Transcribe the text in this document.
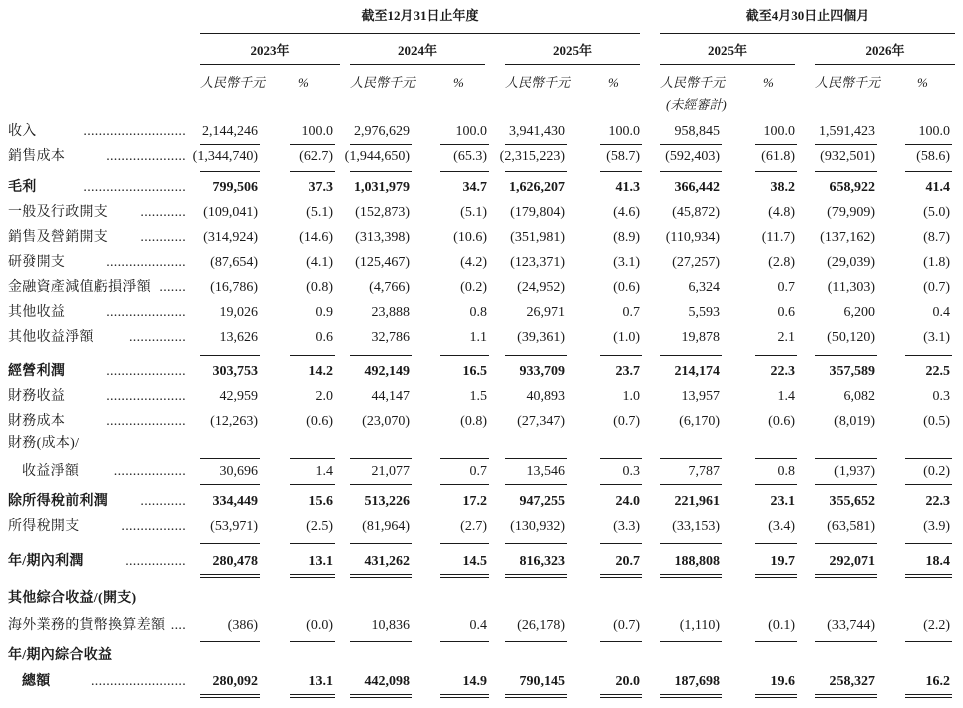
截至12月31日止年度	截至4月30日止四個月
2023年	2024年	2025年	2025年	2026年
人民幣千元	%	人民幣千元	%	人民幣千元	%	人民幣千元	%	人民幣千元	%
(未經審計)
收入	........................... 2,144,246	100.0 2,976,629	100.0 3,941,430	100.0 958,845	100.0 1,591,423	100.0
銷售成本	..................... (1,344,740)	(62.7) (1,944,650)	(65.3) (2,315,223)	(58.7) (592,403)	(61.8) (932,501)	(58.6)
毛利	........................... 799,506	37.3 1,031,979	34.7 1,626,207	41.3 366,442	38.2 658,922	41.4
一般及行政開支 ............ (109,041)	(5.1) (152,873)	(5.1) (179,804)	(4.6) (45,872)	(4.8) (79,909)	(5.0)
銷售及營銷開支 ............ (314,924)	(14.6) (313,398)	(10.6) (351,981)	(8.9) (110,934)	(11.7) (137,162)	(8.7)
研發開支	..................... (87,654)	(4.1) (125,467)	(4.2) (123,371)	(3.1) (27,257)	(2.8) (29,039)	(1.8)
金融資產減值虧損淨額 ....... (16,786)	(0.8)	(4,766)	(0.2) (24,952)	(0.6)	6,324	0.7 (11,303)	(0.7)
其他收益	..................... 19,026	0.9	23,888	0.8	26,971	0.7	5,593	0.6	6,200	0.4
其他收益淨額	............... 13,626	0.6	32,786	1.1 (39,361)	(1.0)	19,878	2.1 (50,120)	(3.1)
經營利潤	..................... 303,753	14.2 492,149	16.5 933,709	23.7 214,174	22.3 357,589	22.5
財務收益	..................... 42,959	2.0	44,147	1.5	40,893	1.0	13,957	1.4	6,082	0.3
財務成本	..................... (12,263)	(0.6) (23,070)	(0.8) (27,347)	(0.7)	(6,170)	(0.6)	(8,019)	(0.5)
財務(成本)/
收益淨額 ................... 30,696	1.4	21,077	0.7	13,546	0.3	7,787	0.8	(1,937)	(0.2)
除所得稅前利潤 ............ 334,449	15.6 513,226	17.2 947,255	24.0 221,961	23.1 355,652	22.3
所得稅開支	................. (53,971)	(2.5) (81,964)	(2.7) (130,932)	(3.3) (33,153)	(3.4) (63,581)	(3.9)
年/期內利潤	................ 280,478	13.1 431,262	14.5 816,323	20.7 188,808	19.7 292,071	18.4
其他綜合收益/(開支)
海外業務的貨幣換算差額 ....	(386)	(0.0)	10,836	0.4 (26,178)	(0.7)	(1,110)	(0.1) (33,744)	(2.2)
年/期內綜合收益
總額	......................... 280,092	13.1 442,098	14.9 790,145	20.0 187,698	19.6 258,327	16.2
